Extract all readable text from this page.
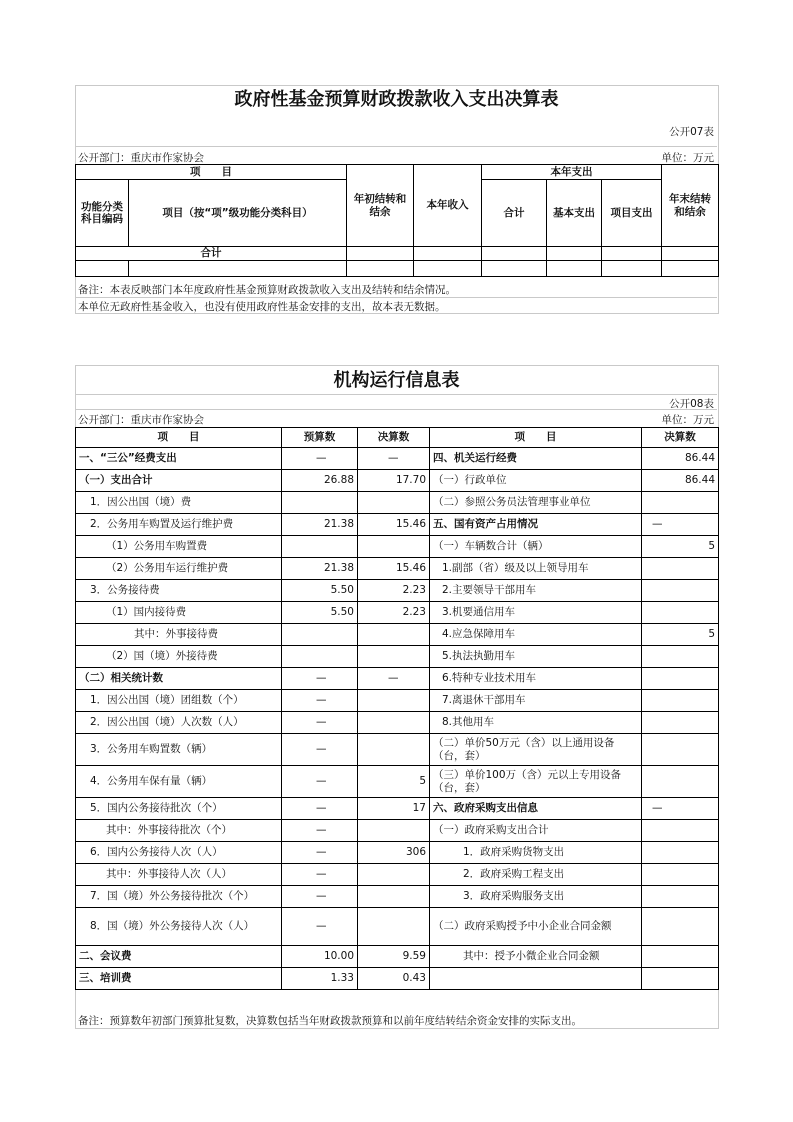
政府性基金预算财政拨款收入支出决算表
公开07表
公开部门：重庆市作家协会	单位：万元
项　　目		年初结转和结余	本年收入	本年支出			年末结转和结余
功能分类科目编码	项目（按“项”级功能分类科目）			合计	基本支出	项目支出	
合计							

备注：本表反映部门本年度政府性基金预算财政拨款收入支出及结转和结余情况。
本单位无政府性基金收入，也没有使用政府性基金安排的支出，故本表无数据。
机构运行信息表
公开08表
公开部门：重庆市作家协会	单位：万元
项　　目	预算数	决算数	项　　目	决算数
一、“三公”经费支出	—	—	四、机关运行经费	86.44
（一）支出合计	26.88	17.70	（一）行政单位	86.44
1．因公出国（境）费			（二）参照公务员法管理事业单位	
2．公务用车购置及运行维护费	21.38	15.46	五、国有资产占用情况	—
（1）公务用车购置费			（一）车辆数合计（辆）	5
（2）公务用车运行维护费	21.38	15.46	1.副部（省）级及以上领导用车	
3．公务接待费	5.50	2.23	2.主要领导干部用车	
（1）国内接待费	5.50	2.23	3.机要通信用车	
其中：外事接待费			4.应急保障用车	5
（2）国（境）外接待费			5.执法执勤用车	
（二）相关统计数	—	—	6.特种专业技术用车	
1．因公出国（境）团组数（个）	—		7.离退休干部用车	
2．因公出国（境）人次数（人）	—		8.其他用车	
3．公务用车购置数（辆）	—		（二）单价50万元（含）以上通用设备（台，套）	
4．公务用车保有量（辆）	—	5	（三）单价100万（含）元以上专用设备（台，套）	
5．国内公务接待批次（个）	—	17	六、政府采购支出信息	—
其中：外事接待批次（个）	—		（一）政府采购支出合计	
6．国内公务接待人次（人）	—	306	1．政府采购货物支出	
其中：外事接待人次（人）	—		2．政府采购工程支出	
7．国（境）外公务接待批次（个）	—		3．政府采购服务支出	
8．国（境）外公务接待人次（人）	—		（二）政府采购授予中小企业合同金额	
二、会议费	10.00	9.59	其中：授予小微企业合同金额	
三、培训费	1.33	0.43		
备注：预算数年初部门预算批复数，决算数包括当年财政拨款预算和以前年度结转结余资金安排的实际支出。
